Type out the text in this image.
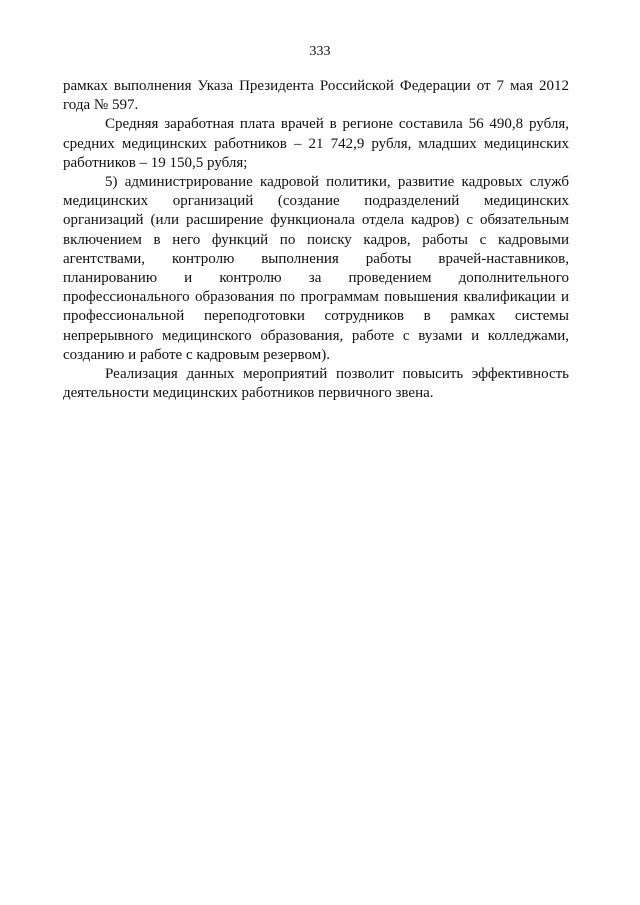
333

рамках выполнения Указа Президента Российской Федерации от 7 мая 2012 года № 597.

Средняя заработная плата врачей в регионе составила 56 490,8 рубля, средних медицинских работников – 21 742,9 рубля, младших медицинских работников – 19 150,5 рубля;

5) администрирование кадровой политики, развитие кадровых служб медицинских организаций (создание подразделений медицинских организаций (или расширение функционала отдела кадров) с обязательным включением в него функций по поиску кадров, работы с кадровыми агентствами, контролю выполнения работы врачей-наставников, планированию и контролю за проведением дополнительного профессионального образования по программам повышения квалификации и профессиональной переподготовки сотрудников в рамках системы непрерывного медицинского образования, работе с вузами и колледжами, созданию и работе с кадровым резервом).

Реализация данных мероприятий позволит повысить эффективность деятельности медицинских работников первичного звена.
